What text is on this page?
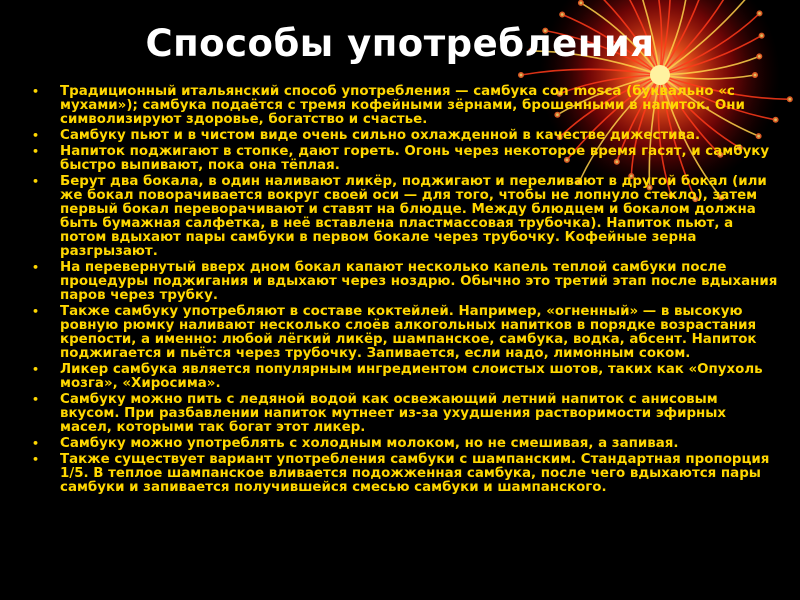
Способы употребления
• Традиционный итальянский способ употребления — самбука con mosca (буквально «с мухами»); самбука подаётся с тремя кофейными зёрнами, брошенными в напиток. Они символизируют здоровье, богатство и счастье.
• Самбуку пьют и в чистом виде очень сильно охлажденной в качестве дижестива.
• Напиток поджигают в стопке, дают гореть. Огонь через некоторое время гасят, и самбуку быстро выпивают, пока она тёплая.
• Берут два бокала, в один наливают ликёр, поджигают и переливают в другой бокал (или же бокал поворачивается вокруг своей оси — для того, чтобы не лопнуло стекло), затем первый бокал переворачивают и ставят на блюдце. Между блюдцем и бокалом должна быть бумажная салфетка, в неё вставлена пластмассовая трубочка). Напиток пьют, а потом вдыхают пары самбуки в первом бокале через трубочку. Кофейные зерна разгрызают.
• На перевернутый вверх дном бокал капают несколько капель теплой самбуки после процедуры поджигания и вдыхают через ноздрю. Обычно это третий этап после вдыхания паров через трубку.
• Также самбуку употребляют в составе коктейлей. Например, «огненный» — в высокую ровную рюмку наливают несколько слоёв алкогольных напитков в порядке возрастания крепости, а именно: любой лёгкий ликёр, шампанское, самбука, водка, абсент. Напиток поджигается и пьётся через трубочку. Запивается, если надо, лимонным соком.
• Ликер самбука является популярным ингредиентом слоистых шотов, таких как «Опухоль мозга», «Хиросима».
• Самбуку можно пить с ледяной водой как освежающий летний напиток с анисовым вкусом. При разбавлении напиток мутнеет из-за ухудшения растворимости эфирных масел, которыми так богат этот ликер.
• Самбуку можно употреблять с холодным молоком, но не смешивая, а запивая.
• Также существует вариант употребления самбуки с шампанским. Стандартная пропорция 1/5. В теплое шампанское вливается подожженная самбука, после чего вдыхаются пары самбуки и запивается получившейся смесью самбуки и шампанского.
